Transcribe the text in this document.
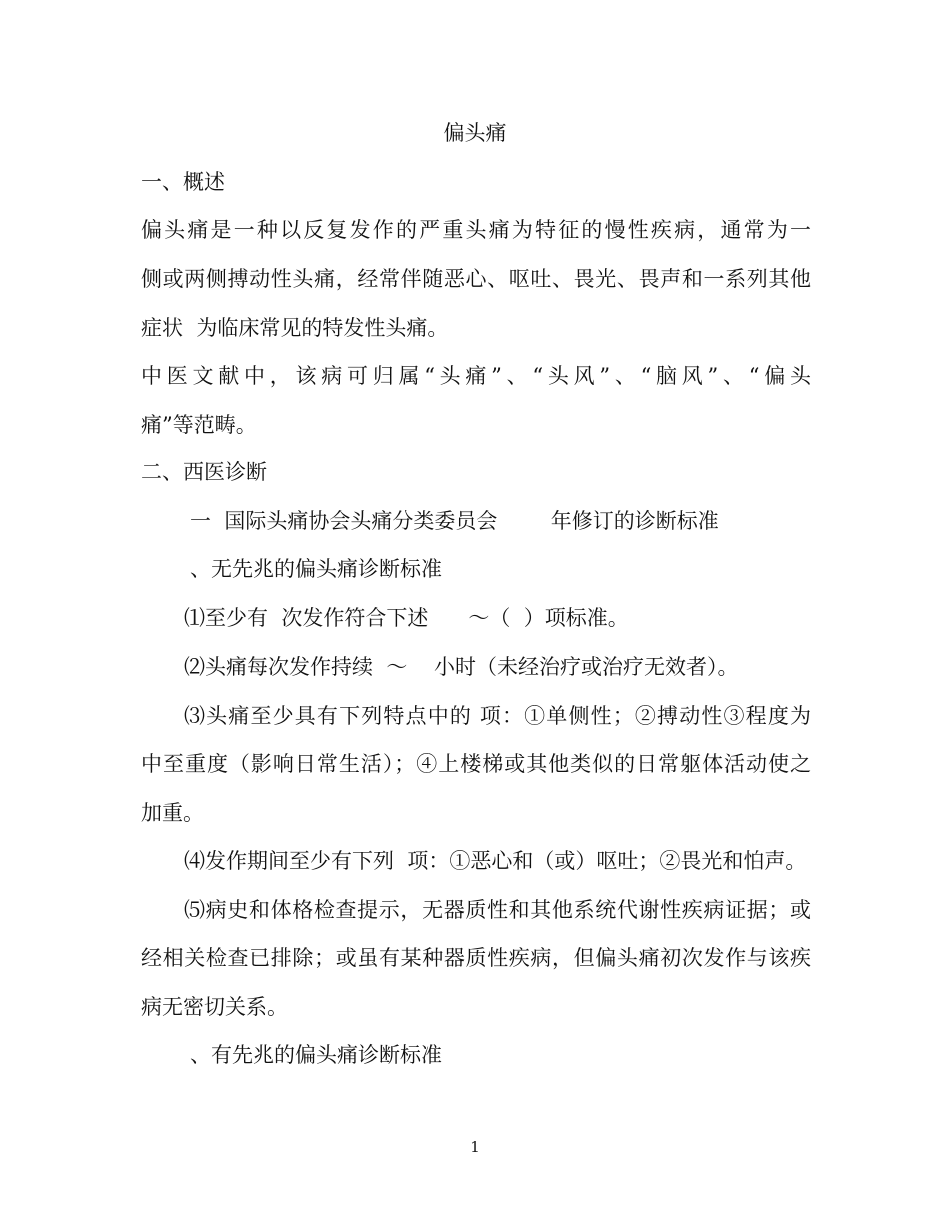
偏头痛

一、概述

偏头痛是一种以反复发作的严重头痛为特征的慢性疾病，通常为一

侧或两侧搏动性头痛，经常伴随恶心、呕吐、畏光、畏声和一系列其他

症状  为临床常见的特发性头痛。

中医文献中，该病可归属“头痛”、“头风”、“脑风”、“偏头

痛”等范畴。

二、西医诊断

一  国际头痛协会头痛分类委员会        年修订的诊断标准

、无先兆的偏头痛诊断标准

⑴至少有  次发作符合下述      ～（  ）项标准。

⑵头痛每次发作持续  ～    小时（未经治疗或治疗无效者）。

⑶头痛至少具有下列特点中的 项：①单侧性；②搏动性③程度为

中至重度（影响日常生活）；④上楼梯或其他类似的日常躯体活动使之

加重。

⑷发作期间至少有下列  项：①恶心和（或）呕吐；②畏光和怕声。

⑸病史和体格检查提示，无器质性和其他系统代谢性疾病证据；或

经相关检查已排除；或虽有某种器质性疾病，但偏头痛初次发作与该疾

病无密切关系。

、有先兆的偏头痛诊断标准

1
